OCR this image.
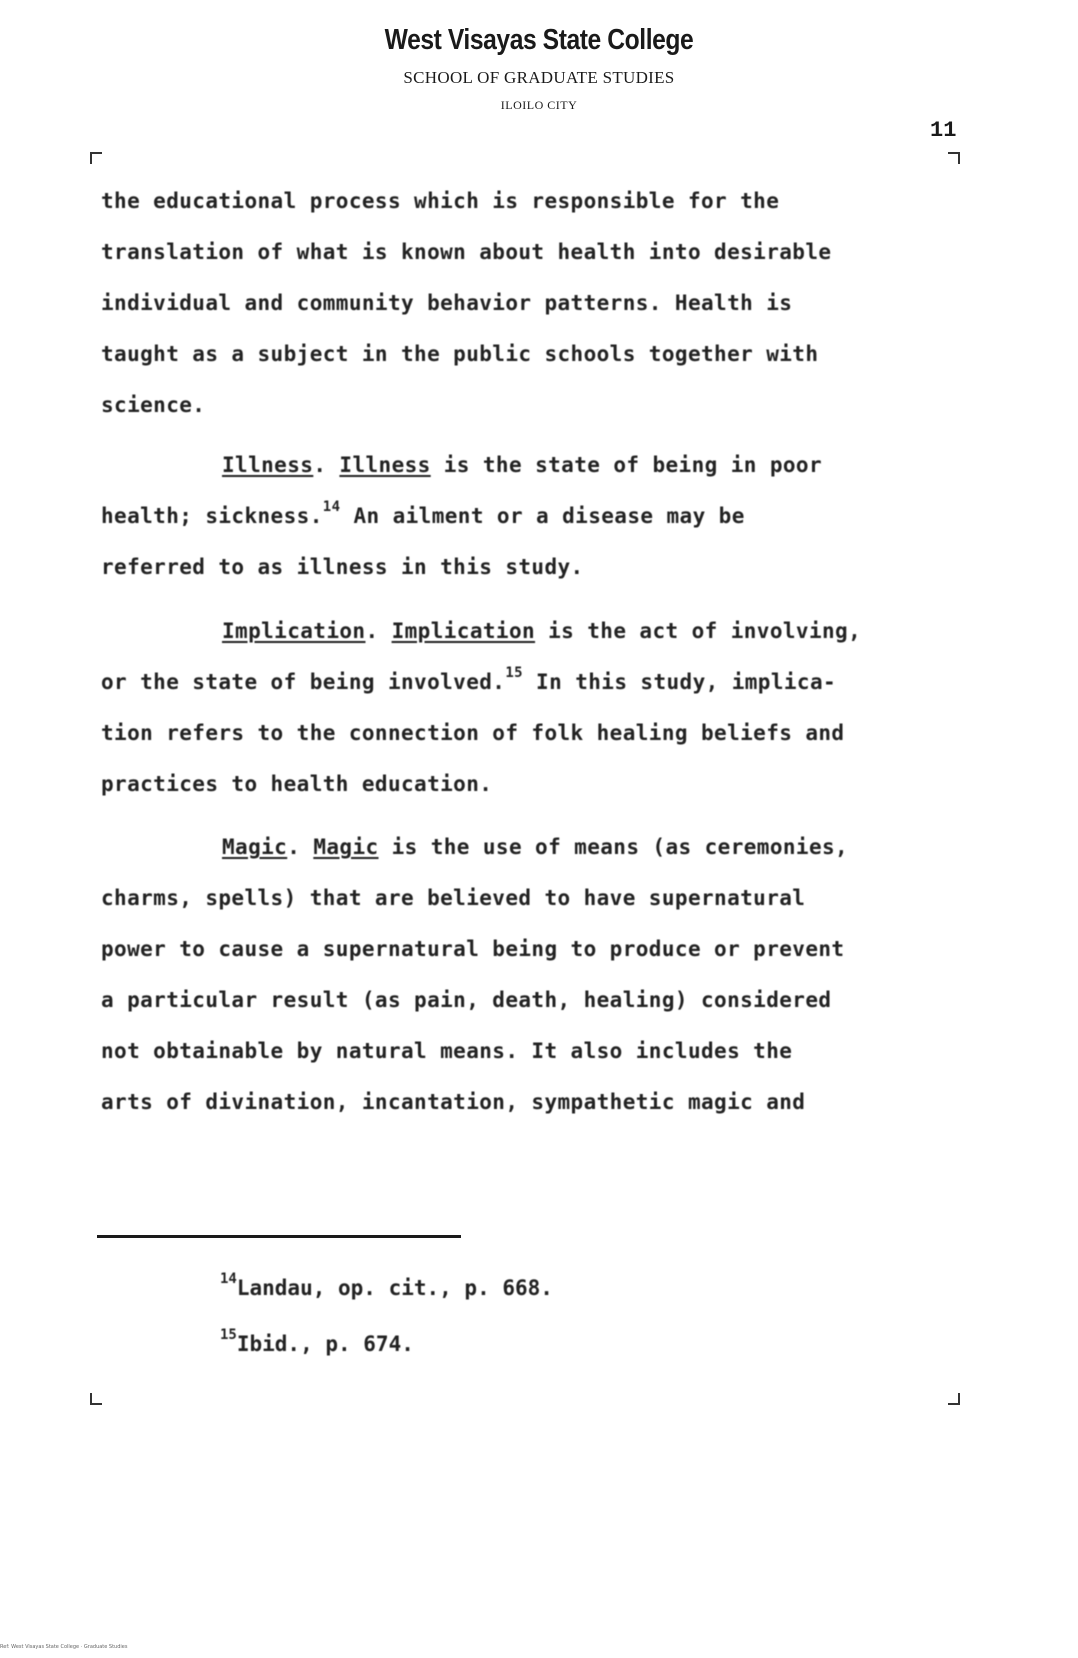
West Visayas State College
SCHOOL OF GRADUATE STUDIES
ILOILO CITY
11
the educational process which is responsible for the
translation of what is known about health into desirable
individual and community behavior patterns. Health is
taught as a subject in the public schools together with
science.
Illness. Illness is the state of being in poor
health; sickness.$^{14}$ An ailment or a disease may be
referred to as illness in this study.
Implication. Implication is the act of involving,
or the state of being involved.$^{15}$ In this study, implica-
tion refers to the connection of folk healing beliefs and
practices to health education.
Magic. Magic is the use of means (as ceremonies,
charms, spells) that are believed to have supernatural
power to cause a supernatural being to produce or prevent
a particular result (as pain, death, healing) considered
not obtainable by natural means. It also includes the
arts of divination, incantation, sympathetic magic and
$^{14}$Landau, op. cit., p. 668.
$^{15}$Ibid., p. 674.
Ref: West Visayas State College · Graduate Studies
